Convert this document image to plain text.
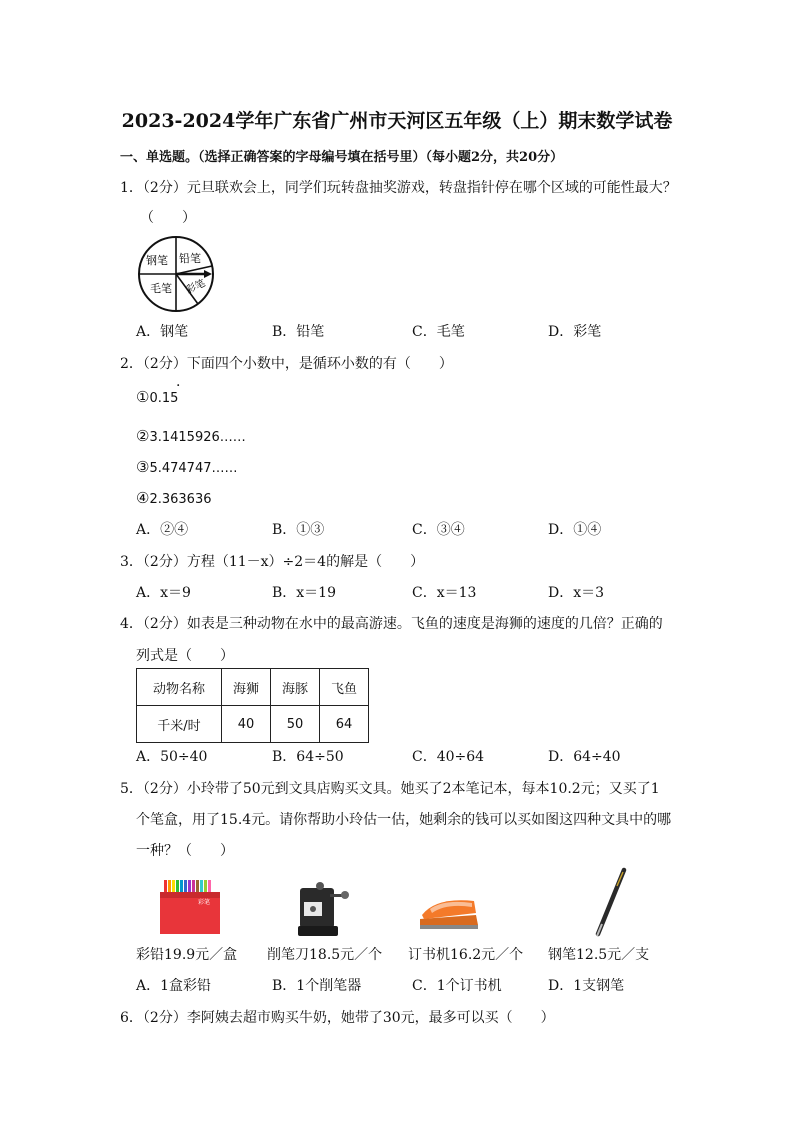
2023-2024学年广东省广州市天河区五年级（上）期末数学试卷
一、单选题。（选择正确答案的字母编号填在括号里）（每小题2分，共20分）
1．（2分）元旦联欢会上，同学们玩转盘抽奖游戏，转盘指针停在哪个区域的可能性最大？
（　　）
钢笔 铅笔
毛笔 彩笔
A．钢笔	B．铅笔	C．毛笔	D．彩笔
2．（2分）下面四个小数中，是循环小数的有（　　）
①0.15
·
②3.1415926……
③5.474747……
④2.363636
A．②④	B．①③	C．③④	D．①④
3．（2分）方程（11－x）÷2＝4的解是（　　）
A．x＝9	B．x＝19	C．x＝13	D．x＝3
4．（2分）如表是三种动物在水中的最高游速。飞鱼的速度是海狮的速度的几倍？正确的
列式是（　　）
动物名称	海狮	海豚	飞鱼
千米/时	40	50	64
A．50÷40	B．64÷50	C．40÷64	D．64÷40
5．（2分）小玲带了50元到文具店购买文具。她买了2本笔记本，每本10.2元；又买了1
个笔盒，用了15.4元。请你帮助小玲估一估，她剩余的钱可以买如图这四种文具中的哪
一种？（　　）
彩笔
彩铅19.9元／盒 削笔刀18.5元／个 订书机16.2元／个 钢笔12.5元／支
A．1盒彩铅	B．1个削笔器	C．1个订书机	D．1支钢笔
6．（2分）李阿姨去超市购买牛奶，她带了30元，最多可以买（　　）
